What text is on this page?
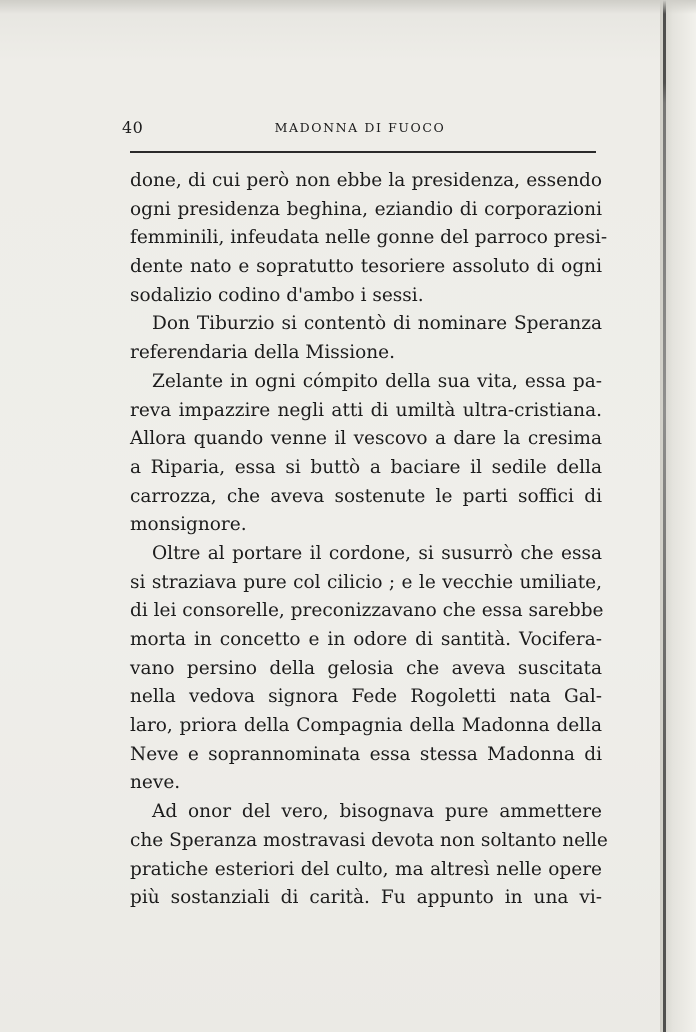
40	MADONNA DI FUOCO
done, di cui però non ebbe la presidenza, essendo
ogni presidenza beghina, eziandio di corporazioni
femminili, infeudata nelle gonne del parroco presi-
dente nato e sopratutto tesoriere assoluto di ogni
sodalizio codino d'ambo i sessi.
Don Tiburzio si contentò di nominare Speranza
referendaria della Missione.
Zelante in ogni cómpito della sua vita, essa pa-
reva impazzire negli atti di umiltà ultra-cristiana.
Allora quando venne il vescovo a dare la cresima
a Riparia, essa si buttò a baciare il sedile della
carrozza, che aveva sostenute le parti soffici di
monsignore.
Oltre al portare il cordone, si susurrò che essa
si straziava pure col cilicio ; e le vecchie umiliate,
di lei consorelle, preconizzavano che essa sarebbe
morta in concetto e in odore di santità. Vocifera-
vano persino della gelosia che aveva suscitata
nella vedova signora Fede Rogoletti nata Gal-
laro, priora della Compagnia della Madonna della
Neve e soprannominata essa stessa Madonna di
neve.
Ad onor del vero, bisognava pure ammettere
che Speranza mostravasi devota non soltanto nelle
pratiche esteriori del culto, ma altresì nelle opere
più sostanziali di carità. Fu appunto in una vi-
